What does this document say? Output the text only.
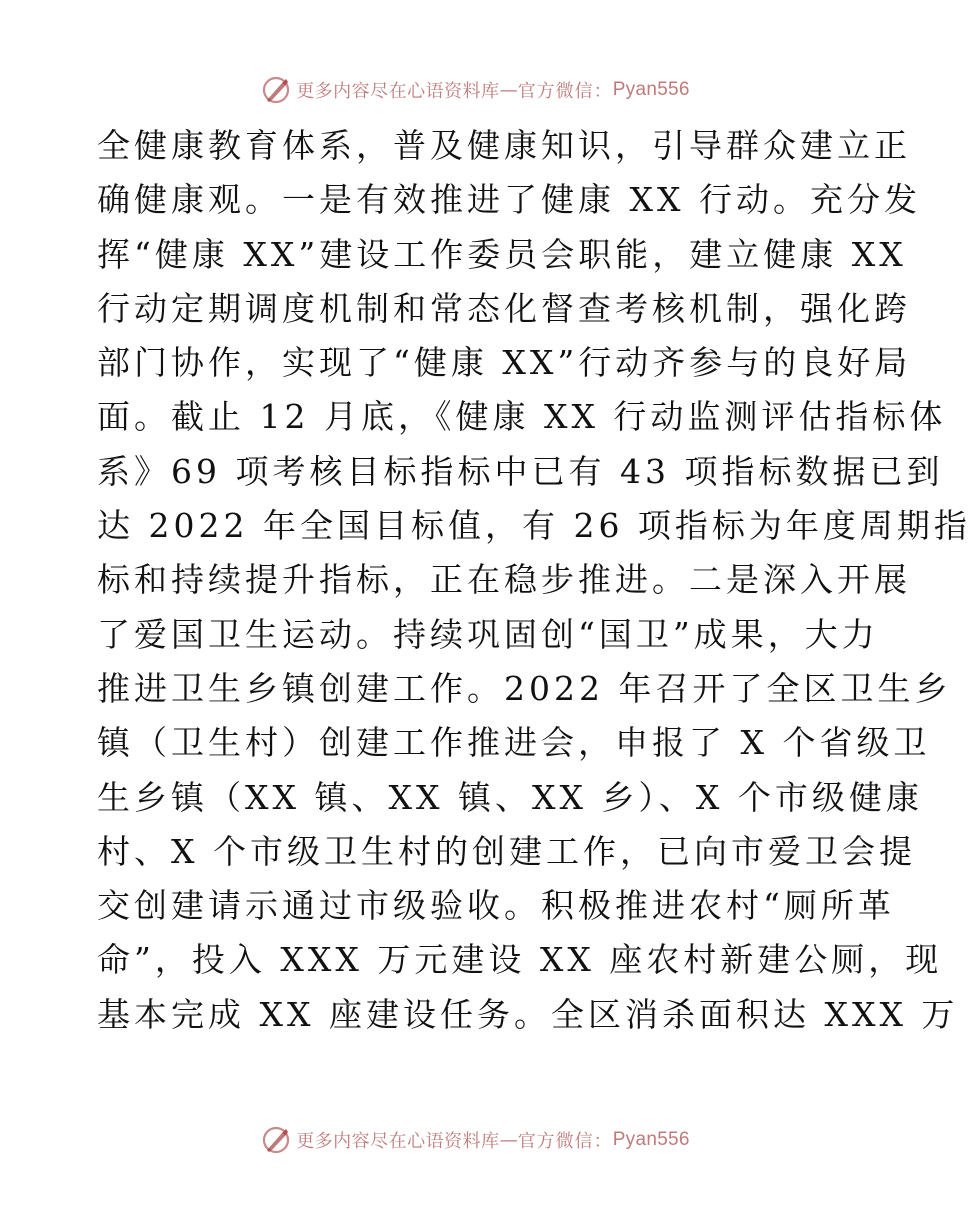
更多内容尽在心语资料库 — 官方微信： Pyan556
全健康教育体系，普及健康知识，引导群众建立正
确健康观。一是有效推进了健康 XX 行动。充分发
挥“健康 XX”建设工作委员会职能，建立健康 XX
行动定期调度机制和常态化督查考核机制，强化跨
部门协作，实现了“健康 XX”行动齐参与的良好局
面。截止 12 月底，《健康 XX 行动监测评估指标体
系》69 项考核目标指标中已有 43 项指标数据已到
达 2022 年全国目标值，有 26 项指标为年度周期指
标和持续提升指标，正在稳步推进。二是深入开展
了爱国卫生运动。持续巩固创“国卫”成果，大力
推进卫生乡镇创建工作。2022 年召开了全区卫生乡
镇（卫生村）创建工作推进会，申报了 X 个省级卫
生乡镇（XX 镇、XX 镇、XX 乡）、X 个市级健康
村、X 个市级卫生村的创建工作，已向市爱卫会提
交创建请示通过市级验收。积极推进农村“厕所革
命”，投入 XXX 万元建设 XX 座农村新建公厕，现
基本完成 XX 座建设任务。全区消杀面积达 XXX 万
更多内容尽在心语资料库 — 官方微信： Pyan556
